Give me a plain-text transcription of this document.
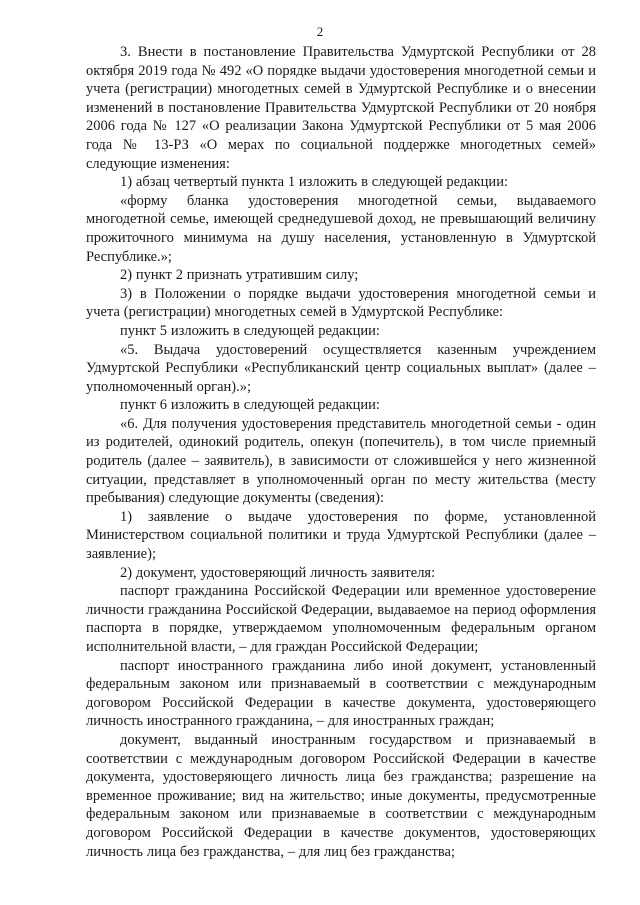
2

3. Внести в постановление Правительства Удмуртской Республики от 28 октября 2019 года № 492 «О порядке выдачи удостоверения многодетной семьи и учета (регистрации) многодетных семей в Удмуртской Республике и о внесении изменений в постановление Правительства Удмуртской Республики от 20 ноября 2006 года № 127 «О реализации Закона Удмуртской Республики от 5 мая 2006 года № 13-РЗ «О мерах по социальной поддержке многодетных семей» следующие изменения:

1) абзац четвертый пункта 1 изложить в следующей редакции:

«форму бланка удостоверения многодетной семьи, выдаваемого многодетной семье, имеющей среднедушевой доход, не превышающий величину прожиточного минимума на душу населения, установленную в Удмуртской Республике.»;

2) пункт 2 признать утратившим силу;

3) в Положении о порядке выдачи удостоверения многодетной семьи и учета (регистрации) многодетных семей в Удмуртской Республике:

пункт 5 изложить в следующей редакции:

«5. Выдача удостоверений осуществляется казенным учреждением Удмуртской Республики «Республиканский центр социальных выплат» (далее – уполномоченный орган).»;

пункт 6 изложить в следующей редакции:

«6. Для получения удостоверения представитель многодетной семьи - один из родителей, одинокий родитель, опекун (попечитель), в том числе приемный родитель (далее – заявитель), в зависимости от сложившейся у него жизненной ситуации, представляет в уполномоченный орган по месту жительства (месту пребывания) следующие документы (сведения):

1) заявление о выдаче удостоверения по форме, установленной Министерством социальной политики и труда Удмуртской Республики (далее – заявление);

2) документ, удостоверяющий личность заявителя:

паспорт гражданина Российской Федерации или временное удостоверение личности гражданина Российской Федерации, выдаваемое на период оформления паспорта в порядке, утверждаемом уполномоченным федеральным органом исполнительной власти, – для граждан Российской Федерации;

паспорт иностранного гражданина либо иной документ, установленный федеральным законом или признаваемый в соответствии с международным договором Российской Федерации в качестве документа, удостоверяющего личность иностранного гражданина, – для иностранных граждан;

документ, выданный иностранным государством и признаваемый в соответствии с международным договором Российской Федерации в качестве документа, удостоверяющего личность лица без гражданства; разрешение на временное проживание; вид на жительство; иные документы, предусмотренные федеральным законом или признаваемые в соответствии с международным договором Российской Федерации в качестве документов, удостоверяющих личность лица без гражданства, – для лиц без гражданства;
